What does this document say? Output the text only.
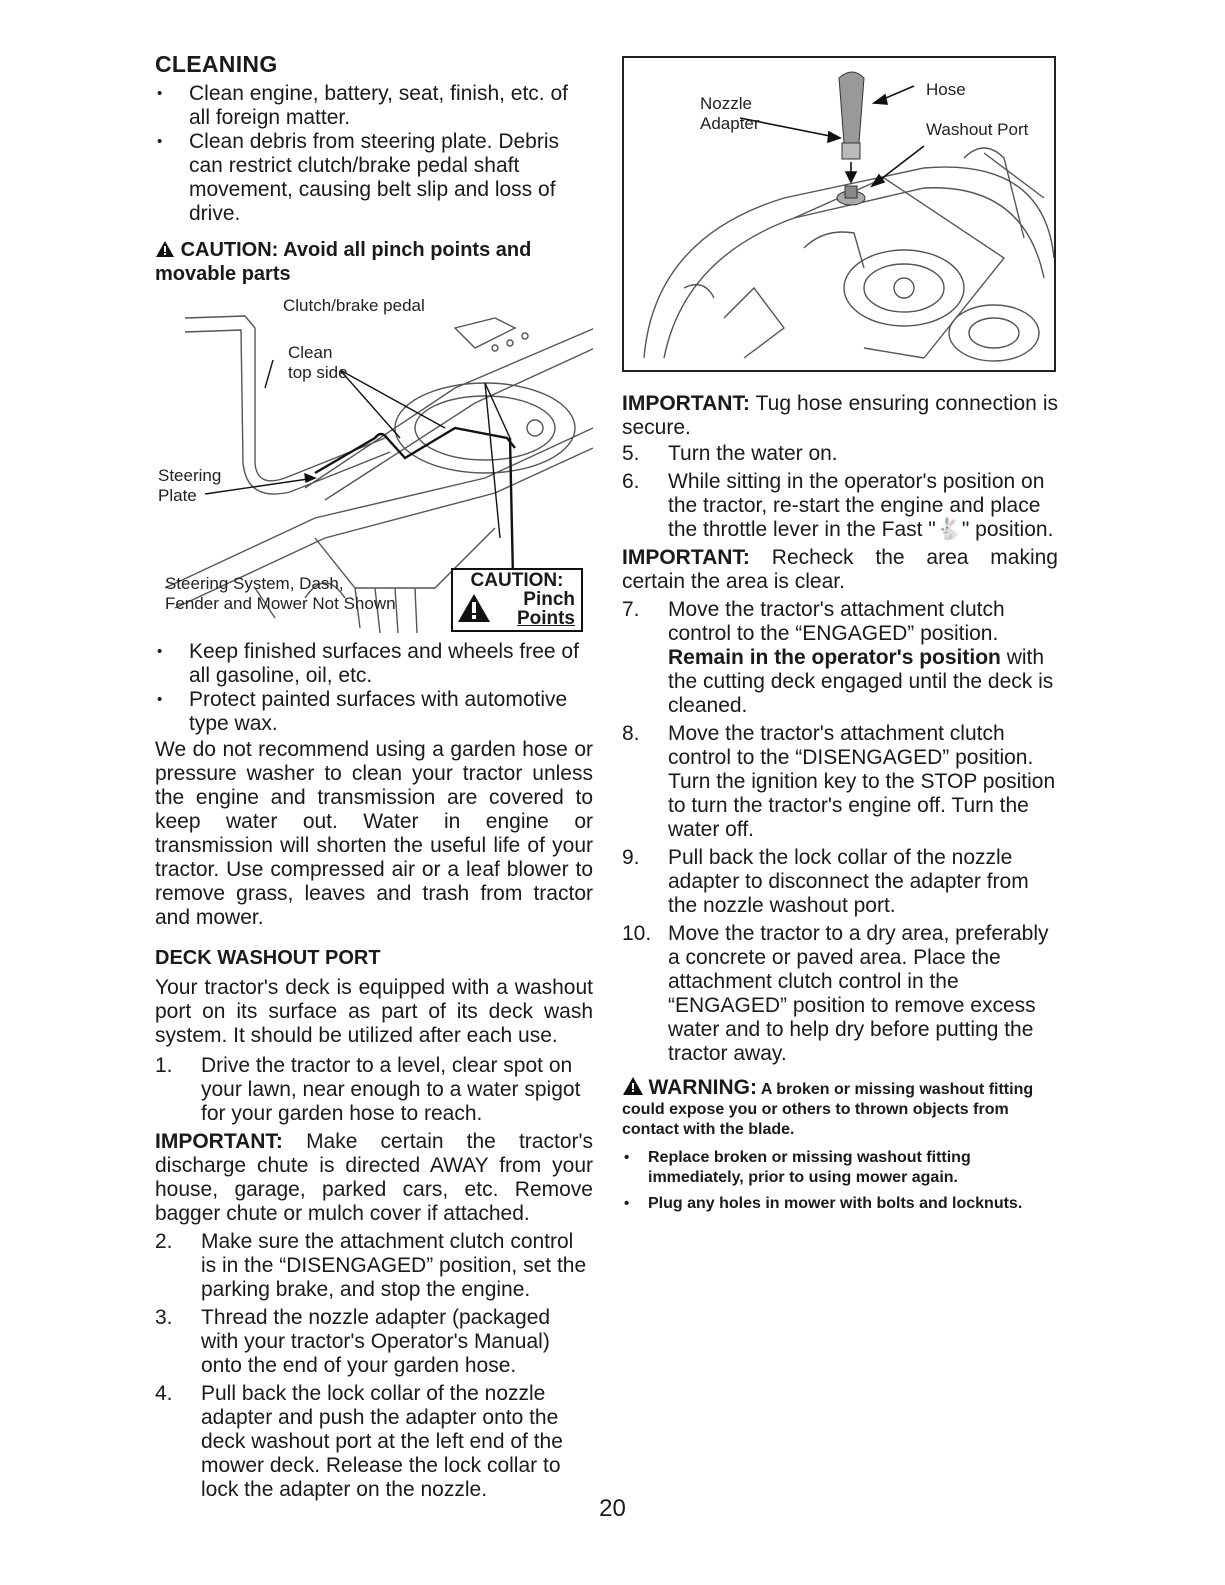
CLEANING
• Clean engine, battery, seat, finish, etc. of all foreign matter.
• Clean debris from steering plate. Debris can restrict clutch/brake pedal shaft movement, causing belt slip and loss of drive.

CAUTION: Avoid all pinch points and movable parts

Clutch/brake pedal
Clean
top side
Steering
Plate
Steering System, Dash,
Fender and Mower Not Shown
CAUTION:
Pinch
Points
• Keep finished surfaces and wheels free of all gasoline, oil, etc.
• Protect painted surfaces with automotive type wax.

We do not recommend using a garden hose or pressure washer to clean your tractor unless the engine and transmission are covered to keep water out. Water in engine or transmission will shorten the useful life of your tractor. Use compressed air or a leaf blower to remove grass, leaves and trash from tractor and mower.

DECK WASHOUT PORT

Your tractor's deck is equipped with a washout port on its surface as part of its deck wash system. It should be utilized after each use.

1. Drive the tractor to a level, clear spot on your lawn, near enough to a water spigot for your garden hose to reach.

IMPORTANT: Make certain the tractor's discharge chute is directed AWAY from your house, garage, parked cars, etc. Remove bagger chute or mulch cover if attached.

2. Make sure the attachment clutch control is in the “DISENGAGED” position, set the parking brake, and stop the engine.
3. Thread the nozzle adapter (packaged with your tractor's Operator's Manual) onto the end of your garden hose.
4. Pull back the lock collar of the nozzle adapter and push the adapter onto the deck washout port at the left end of the mower deck. Release the lock collar to lock the adapter on the nozzle.
Nozzle
Adapter
Hose
Washout Port

IMPORTANT: Tug hose ensuring connection is secure.

5. Turn the water on.
6. While sitting in the operator's position on the tractor, re-start the engine and place the throttle lever in the Fast "🐇" position.

IMPORTANT: Recheck the area making certain the area is clear.

7. Move the tractor's attachment clutch control to the “ENGAGED” position. Remain in the operator's position with the cutting deck engaged until the deck is cleaned.
8. Move the tractor's attachment clutch control to the “DISENGAGED” position. Turn the ignition key to the STOP position to turn the tractor's engine off. Turn the water off.
9. Pull back the lock collar of the nozzle adapter to disconnect the adapter from the nozzle washout port.
10. Move the tractor to a dry area, preferably a concrete or paved area. Place the attachment clutch control in the “ENGAGED” position to remove excess water and to help dry before putting the tractor away.

WARNING: A broken or missing washout fitting could expose you or others to thrown objects from contact with the blade.

• Replace broken or missing washout fitting immediately, prior to using mower again.
• Plug any holes in mower with bolts and locknuts.
20
